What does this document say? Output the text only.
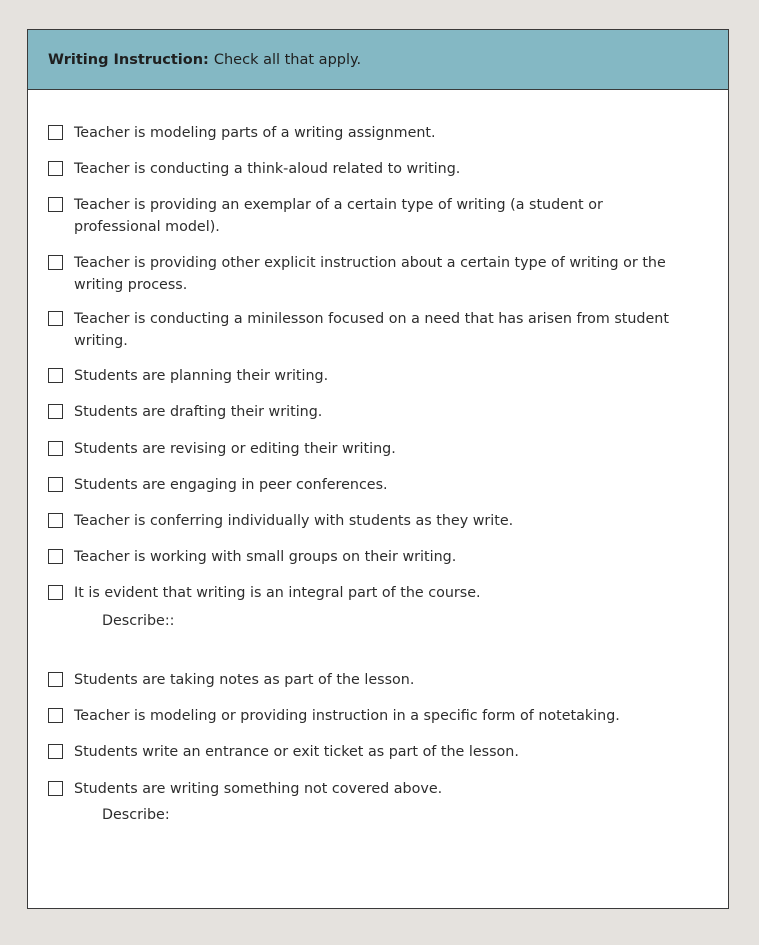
Writing Instruction: Check all that apply.
Teacher is modeling parts of a writing assignment.
Teacher is conducting a think-aloud related to writing.
Teacher is providing an exemplar of a certain type of writing (a student or professional model).
Teacher is providing other explicit instruction about a certain type of writing or the writing process.
Teacher is conducting a minilesson focused on a need that has arisen from student writing.
Students are planning their writing.
Students are drafting their writing.
Students are revising or editing their writing.
Students are engaging in peer conferences.
Teacher is conferring individually with students as they write.
Teacher is working with small groups on their writing.
It is evident that writing is an integral part of the course.
Describe::
Students are taking notes as part of the lesson.
Teacher is modeling or providing instruction in a specific form of notetaking.
Students write an entrance or exit ticket as part of the lesson.
Students are writing something not covered above.
Describe:
